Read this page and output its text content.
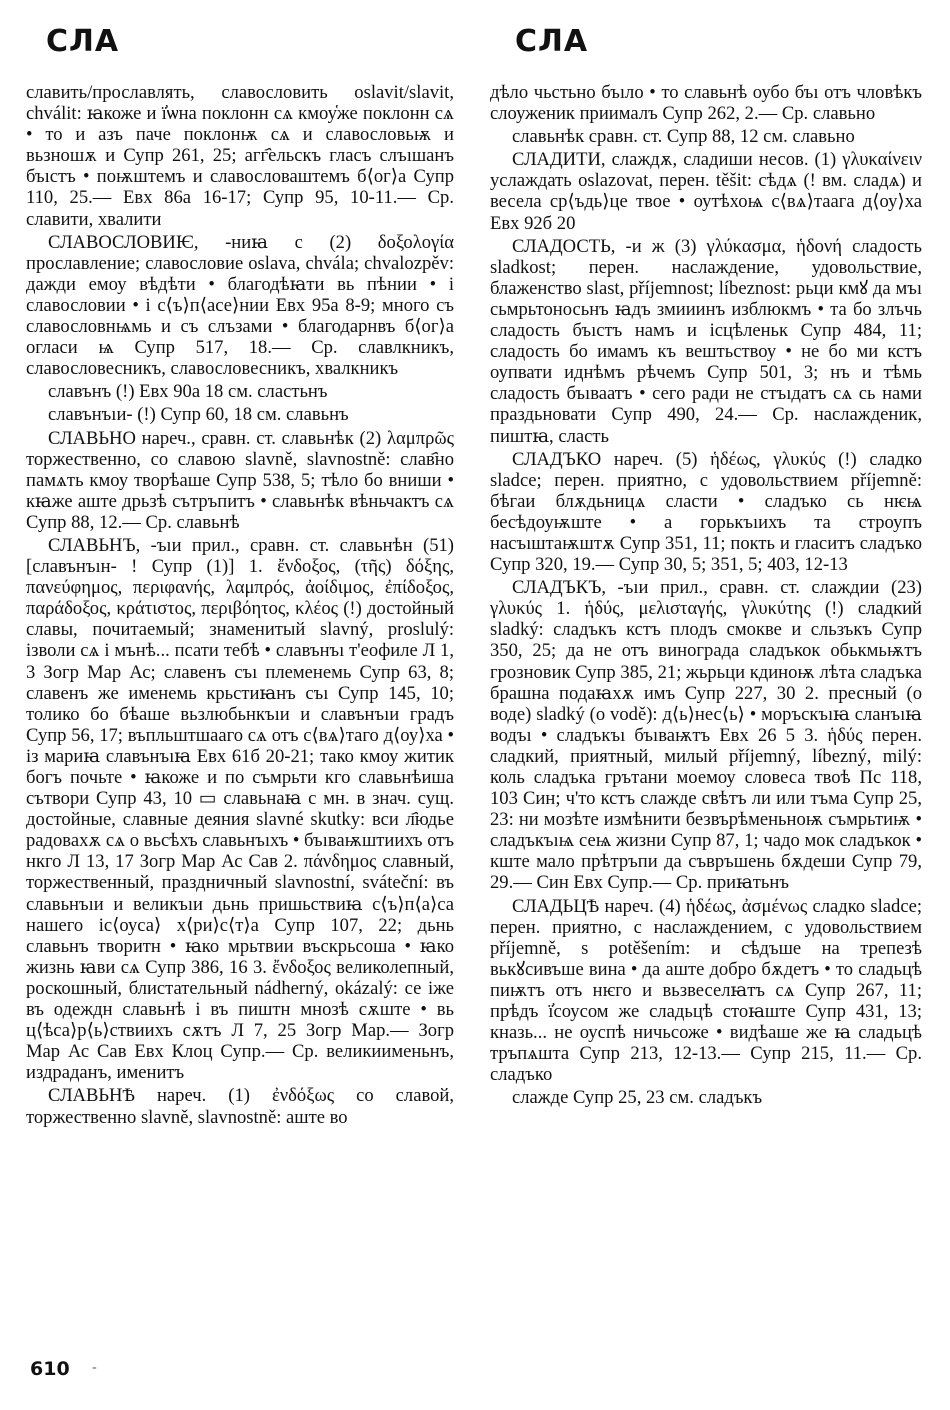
СЛА	СЛА

славить/прославлять, славословить oslavit/slavit, chválit: ꙗкоже и ї҆ѡна поклонн сѧ кмоу҅же поклонн сѧ • то и азъ паче поклонѭ сѧ и славословьѭ и вьзношѫ и Супр 261, 25; агг҄ельскъ гласъ слъıшанъ бъıстъ • поѭштемъ и славословаштемъ б⟨ог⟩а Супр 110, 25.— Евх 86а 16-17; Супр 95, 10-11.— Ср. славити, хвалити

СЛАВОСЛОВИѤ, -ниꙗ с (2) δοξολογία прославление; славословие oslava, chvála; chvalozpěv: дажди емоу вѣдѣти • благодѣꙗти вь пѣнии • і славословии • і с⟨ъ⟩п⟨асе⟩нии Евх 95а 8-9; много съ славословнѩмь и съ слъзами • благодарнвъ б⟨ог⟩а огласи ѩ Супр 517, 18.— Ср. славлкникъ, славословесникъ, славословесникъ, хвалкникъ

славънъ (!) Евх 90а 18 см. сластьнъ

славънъıи- (!) Супр 60, 18 см. славьнъ

СЛАВЬНО нареч., сравн. ст. славьнѣк (2) λαμπρῶς торжественно, со славою slavně, slavnostně: слав҄но памѧть кмоу творѣаше Супр 538, 5; тѣло бо вниши • кꙗже аште дрьзѣ сътръпитъ • славьнѣк вѣньчактъ сѧ Супр 88, 12.— Ср. славьнѣ

СЛАВЬНЪ, -ъıи прил., сравн. ст. славьнѣн (51) [славънъıн- ! Супр (1)] 1. ἔνδοξος, (τῆς) δόξης, πανεύφημος, περιφανής, λαμπρός, ἀοίδιμος, ἐπίδοξος, παράδοξος, κράτιστος, περιβόητος, κλέος (!) достойный славы, почитаемый; знаменитый slavný, proslulý: ізволи сѧ і мънѣ... псати тебѣ • славънъı т'еофиле Л 1, 3 Зогр Мар Ас; славенъ съı племенемь Супр 63, 8; славенъ же именемь крьстиꙗнъ съı Супр 145, 10; толико бо бѣаше вьзлюбьнкъıи и славънъıи градъ Супр 56, 17; въпльштшааго сѧ отъ с⟨вѧ⟩таго д⟨оу⟩ха • із мариꙗ славънъıꙗ Евх 61б 20-21; тако кмоу житик богъ почьте • ꙗкоже и по съмрьти кго славьнѣиша сътвори Супр 43, 10 ▭ славьнаꙗ с мн. в знач. сущ. достойные, славные деяния slavné skutky: вси л҄юдье радовахѫ сѧ о вьсѣхъ славьнъıхъ • бъıваѭштиихъ отъ нкго Л 13, 17 Зогр Мар Ас Сав 2. πάνδημος славный, торжественный, праздничный slavnostní, sváteční: въ славьнъıи и великъıи дьнь пришьствиꙗ с⟨ъ⟩п⟨а⟩са нашего іс⟨оуса⟩ х⟨ри⟩с⟨т⟩а Супр 107, 22; дьнь славьнъ творитн • ꙗко мрьтвии въскрьсоша • ꙗко жизнь ꙗви сѧ Супр 386, 16 3. ἔνδοξος великолепный, роскошный, блистательный nádherný, okázalý: се іже въ одеждн славьнѣ і въ пиштн мнозѣ сѫште • вь ц⟨ѣса⟩р⟨ь⟩ствиихъ сѫтъ Л 7, 25 Зогр Мар.— Зогр Мар Ас Сав Евх Клоц Супр.— Ср. великиименьнъ, издраданъ, именитъ

СЛАВЬНѢ нареч. (1) ἐνδόξως со славой, торжественно slavně, slavnostně: аште во

дѣло чьстьно бъıло • то славьнѣ оубо бъı отъ чловѣкъ слоуженик приималъ Супр 262, 2.— Ср. славьно

славьнѣк сравн. ст. Супр 88, 12 см. славьно

СЛАДИТИ, слаждѫ, сладиши несов. (1) γλυκαίνειν услаждать oslazovat, перен. těšit: сѣдѧ (! вм. сладѧ) и весела ср⟨ъдь⟩це твое • оутѣхоѩ с⟨вѧ⟩таага д⟨оу⟩ха Евх 92б 20

СЛАДОСТЬ, -и ж (3) γλύκασμα, ἡδονή сладость sladkost; перен. наслаждение, удовольствие, блаженство slast, příjemnost; líbeznost: рьци кмꙋ да мъı сьмрьтоносьнъ ꙗдъ змииинъ изблюкмъ • та бо злъчь сладость бъıстъ намъ и ісцѣленьк Супр 484, 11; сладость бо имамъ къ вештьствоу • не бо ми кстъ оупвати иднѣмъ рѣчемъ Супр 501, 3; нъ и тѣмь сладость бъıваатъ • сего ради не стъıдатъ сѧ сь нами праздьновати Супр 490, 24.— Ср. наслажденик, пиштꙗ, сласть

СЛАДЪКО нареч. (5) ἡδέως, γλυκύς (!) сладко sladce; перен. приятно, с удовольствием příjemně: бѣгаи блѫдьницѧ сласти • сладъко сь нѥѩ бесѣдоуѭште • а горькъıихъ та строупъ насъıштаѭштѫ Супр 351, 11; покть и гласитъ сладъко Супр 320, 19.— Супр 30, 5; 351, 5; 403, 12-13

СЛАДЪКЪ, -ъıи прил., сравн. ст. слаждии (23) γλυκύς 1. ἡδύς, μελισταγής, γλυκύτης (!) сладкий sladký: сладъкъ кстъ плодъ смокве и сльзъкъ Супр 350, 25; да не отъ винограда сладъкок обькмьѭтъ грозновик Супр 385, 21; жьрьци кдиноѭ лѣта сладъка брашна подаꙗхѫ имъ Супр 227, 30 2. пресный (о воде) sladký (o vodě): д⟨ь⟩нес⟨ь⟩ • моръскъıꙗ сланъıꙗ водъı • сладъкъı бъıваѭтъ Евх 26 5 3. ἡδύς перен. сладкий, приятный, милый příjemný, líbezný, milý: коль сладъка грътани моемоу словеса твоѣ Пс 118, 103 Син; ч'то кстъ слажде свѣтъ ли или тъма Супр 25, 23: ни мозѣте измѣнити безвърѣменьноѭ съмрьтиѭ • сладъкъıѩ сеѩ жизни Супр 87, 1; чадо мок сладъкок • кште мало прѣтръпи да съвръшень бѫдеши Супр 79, 29.— Син Евх Супр.— Ср. приꙗтьнъ

СЛАДЬЦѢ нареч. (4) ἡδέως, ἀσμένως сладко sladce; перен. приятно, с наслаждением, с удовольствием příjemně, s potěšením: и сѣдъше на трепезѣ вькꙋсивъше вина • да аште добро бѫдетъ • то сладьцѣ пиѭтъ отъ нѥго и вьзвеселꙗтъ сѧ Супр 267, 11; прѣдъ ї҆соусом же сладьцѣ стоꙗште Супр 431, 13; кназь... не оуспѣ ничьсоже • видѣаше же ꙗ сладьцѣ тръпѧшта Супр 213, 12-13.— Супр 215, 11.— Ср. сладъко

слажде Супр 25, 23 см. сладъкъ

610 -
